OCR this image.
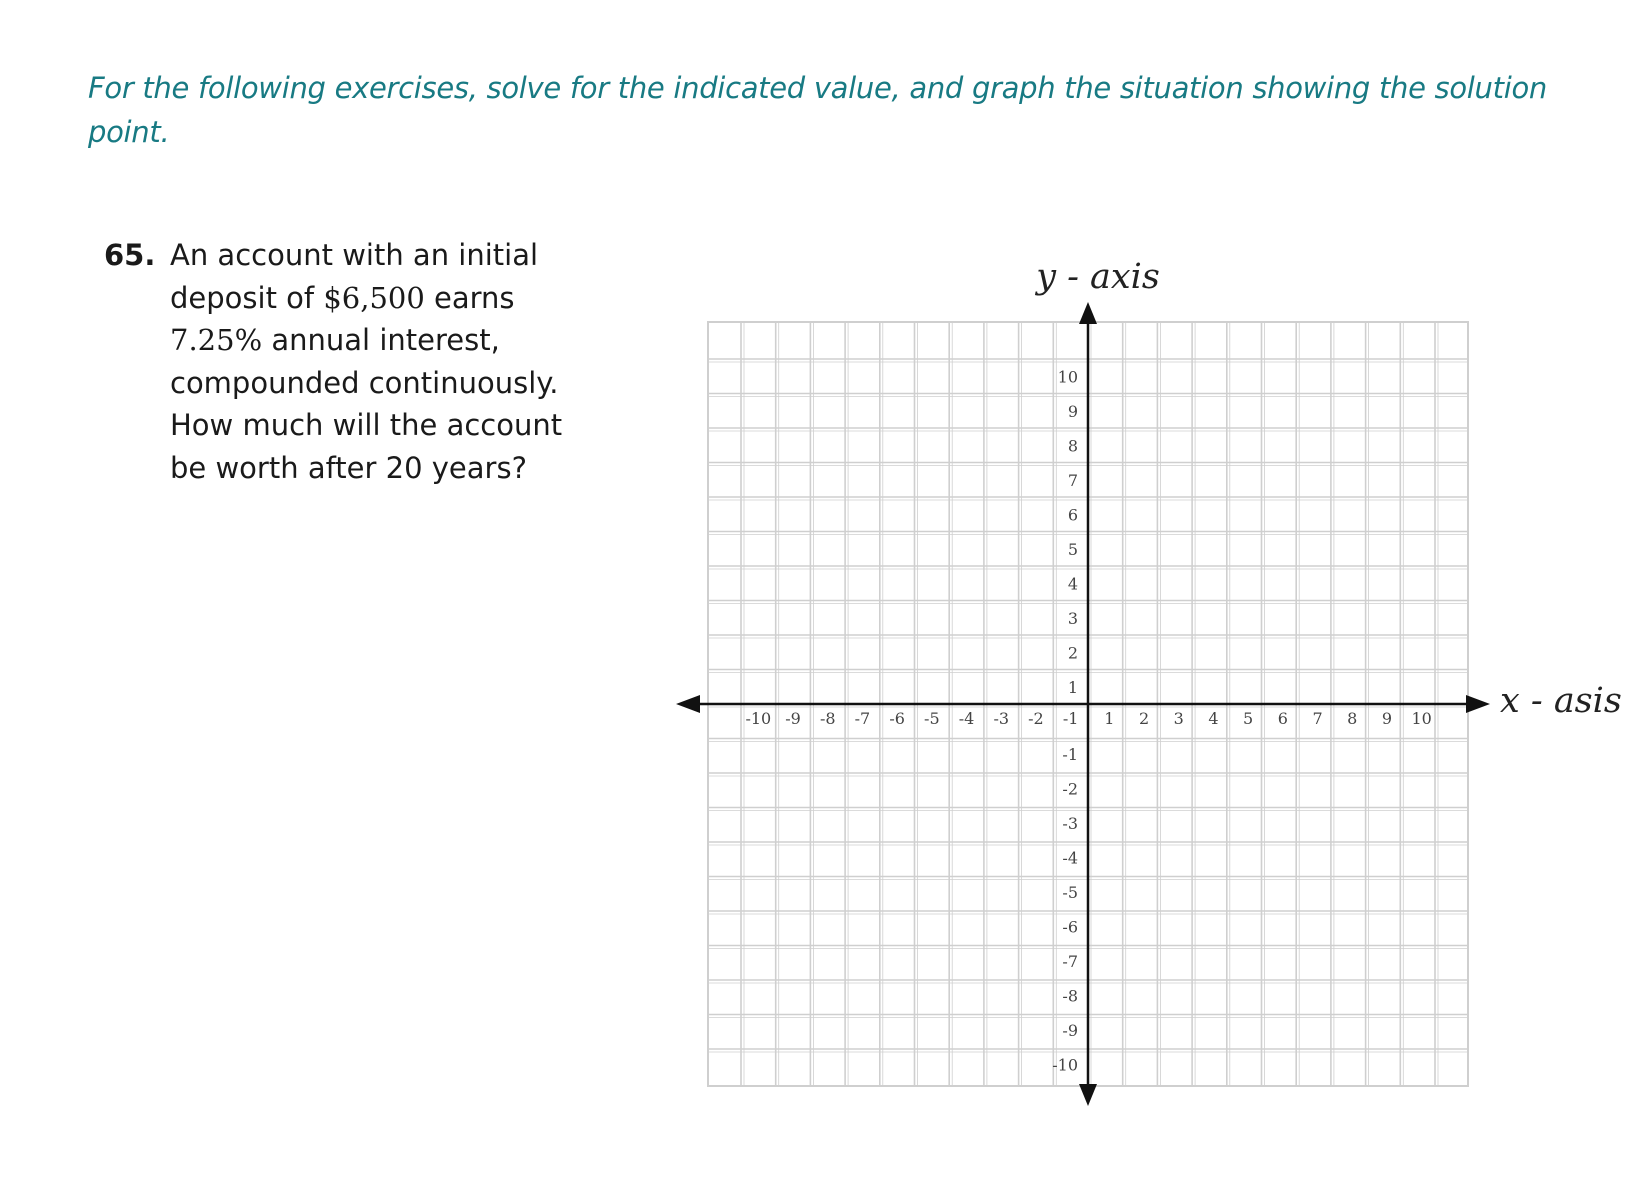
For the following exercises, solve for the indicated value, and graph the situation showing the solution point.
65. An account with an initial
deposit of $6,500 earns
7.25% annual interest,
compounded continuously.
How much will the account
be worth after 20 years?
-10 -9 -8 -7 -6 -5 -4 -3 -2 -1 1 2 3 4 5 6 7 8 9 10
10
9
8
7
6
5
4
3
2
1
-1
-2
-3
-4
-5
-6
-7
-8
-9
-10
y - axis
x - asis
